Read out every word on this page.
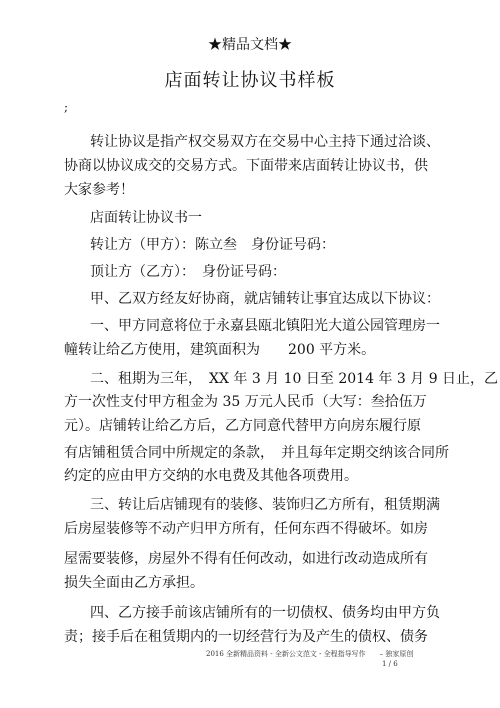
★精品文档★
店面转让协议书样板
;
转让协议是指产权交易双方在交易中心主持下通过洽谈、
协商以协议成交的交易方式。下面带来店面转让协议书，供
大家参考！
店面转让协议书一
转让方（甲方）：陈立叁　身份证号码：
顶让方（乙方）：　身份证号码：
甲、乙双方经友好协商，就店铺转让事宜达成以下协议：
一、甲方同意将位于永嘉县瓯北镇阳光大道公园管理房一
幢转让给乙方使用，建筑面积为　　200 平方米。
二、租期为三年，　XX 年 3 月 10 日至 2014 年 3 月 9 日止，乙
方一次性支付甲方租金为 35 万元人民币（大写：叁拾伍万
元）。店铺转让给乙方后，乙方同意代替甲方向房东履行原
有店铺租赁合同中所规定的条款，　并且每年定期交纳该合同所
约定的应由甲方交纳的水电费及其他各项费用。
三、转让后店铺现有的装修、装饰归乙方所有，租赁期满
后房屋装修等不动产归甲方所有，任何东西不得破坏。如房
屋需要装修，房屋外不得有任何改动，如进行改动造成所有
损失全面由乙方承担。
四、乙方接手前该店铺所有的一切债权、债务均由甲方负
责；接手后在租赁期内的一切经营行为及产生的债权、债务
2016 全新精品资料 - 全新公文范文 - 全程指导写作　　– 独家原创
1 / 6
